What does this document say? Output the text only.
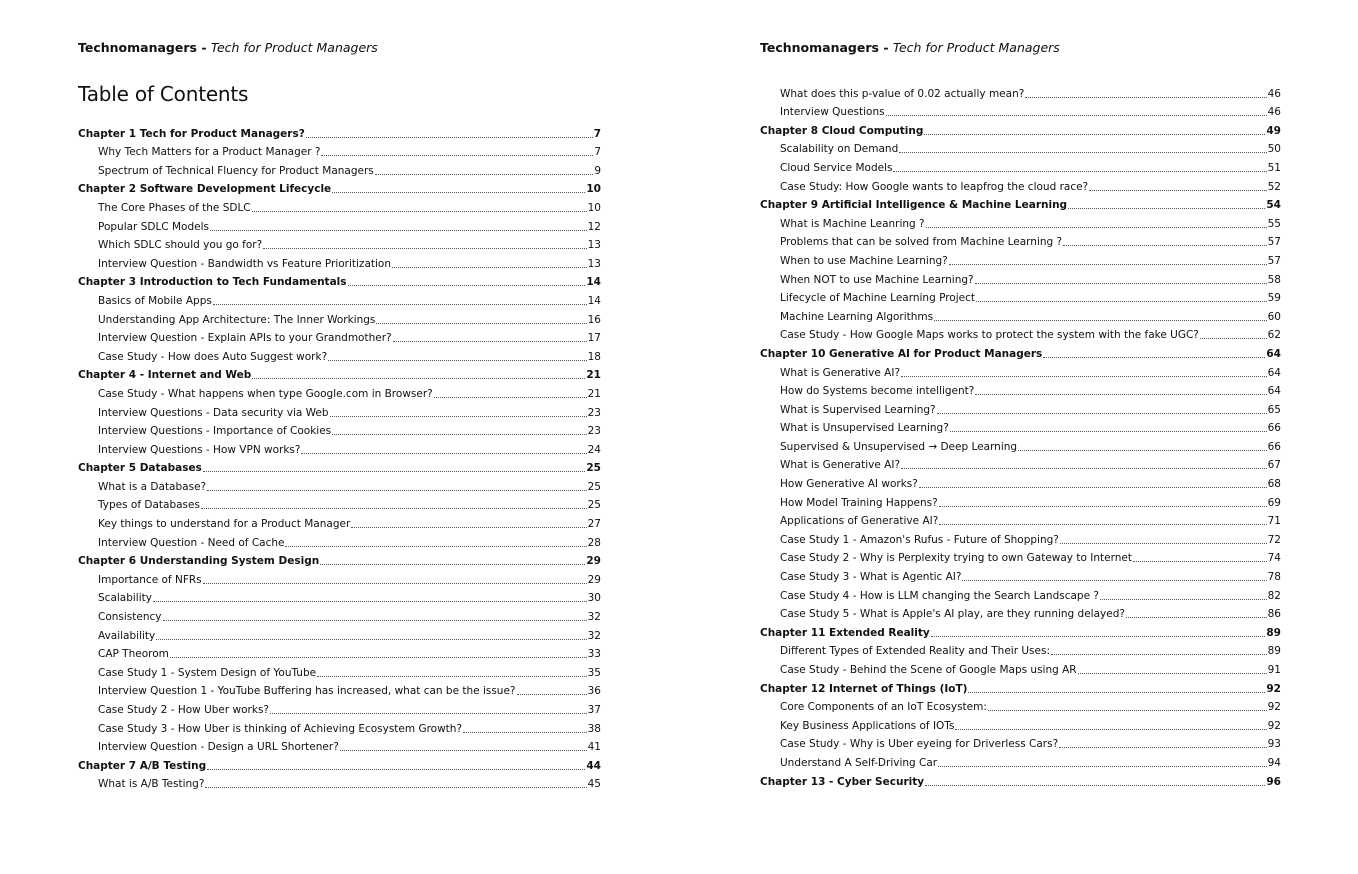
Technomanagers - Tech for Product Managers
Table of Contents
Chapter 1 Tech for Product Managers?	7
Why Tech Matters for a Product Manager ?	7
Spectrum of Technical Fluency for Product Managers	9
Chapter 2 Software Development Lifecycle	10
The Core Phases of the SDLC	10
Popular SDLC Models	12
Which SDLC should you go for?	13
Interview Question - Bandwidth vs Feature Prioritization	13
Chapter 3 Introduction to Tech Fundamentals	14
Basics of Mobile Apps	14
Understanding App Architecture: The Inner Workings	16
Interview Question - Explain APIs to your Grandmother?	17
Case Study - How does Auto Suggest work?	18
Chapter 4 - Internet and Web	21
Case Study - What happens when type Google.com in Browser?	21
Interview Questions - Data security via Web	23
Interview Questions - Importance of Cookies	23
Interview Questions - How VPN works?	24
Chapter 5 Databases	25
What is a Database?	25
Types of Databases	25
Key things to understand for a Product Manager	27
Interview Question - Need of Cache	28
Chapter 6 Understanding System Design	29
Importance of NFRs	29
Scalability	30
Consistency	32
Availability	32
CAP Theorom	33
Case Study 1 - System Design of YouTube	35
Interview Question 1 - YouTube Buffering has increased, what can be the issue?	36
Case Study 2 - How Uber works?	37
Case Study 3 - How Uber is thinking of Achieving Ecosystem Growth?	38
Interview Question - Design a URL Shortener?	41
Chapter 7 A/B Testing	44
What is A/B Testing?	45
Technomanagers - Tech for Product Managers
What does this p-value of 0.02 actually mean?	46
Interview Questions	46
Chapter 8 Cloud Computing	49
Scalability on Demand	50
Cloud Service Models	51
Case Study: How Google wants to leapfrog the cloud race?	52
Chapter 9 Artificial Intelligence & Machine Learning	54
What is Machine Leanring ?	55
Problems that can be solved from Machine Learning ?	57
When to use Machine Learning?	57
When NOT to use Machine Learning?	58
Lifecycle of Machine Learning Project	59
Machine Learning Algorithms	60
Case Study - How Google Maps works to protect the system with the fake UGC?	62
Chapter 10 Generative AI for Product Managers	64
What is Generative AI?	64
How do Systems become intelligent?	64
What is Supervised Learning?	65
What is Unsupervised Learning?	66
Supervised & Unsupervised → Deep Learning	66
What is Generative AI?	67
How Generative AI works?	68
How Model Training Happens?	69
Applications of Generative AI?	71
Case Study 1 - Amazon's Rufus - Future of Shopping?	72
Case Study 2 - Why is Perplexity trying to own Gateway to Internet	74
Case Study 3 - What is Agentic AI?	78
Case Study 4 - How is LLM changing the Search Landscape ?	82
Case Study 5 - What is Apple's AI play, are they running delayed?	86
Chapter 11 Extended Reality	89
Different Types of Extended Reality and Their Uses:	89
Case Study - Behind the Scene of Google Maps using AR	91
Chapter 12 Internet of Things (IoT)	92
Core Components of an IoT Ecosystem:	92
Key Business Applications of IOTs	92
Case Study - Why is Uber eyeing for Driverless Cars?	93
Understand A Self-Driving Car	94
Chapter 13 - Cyber Security	96
